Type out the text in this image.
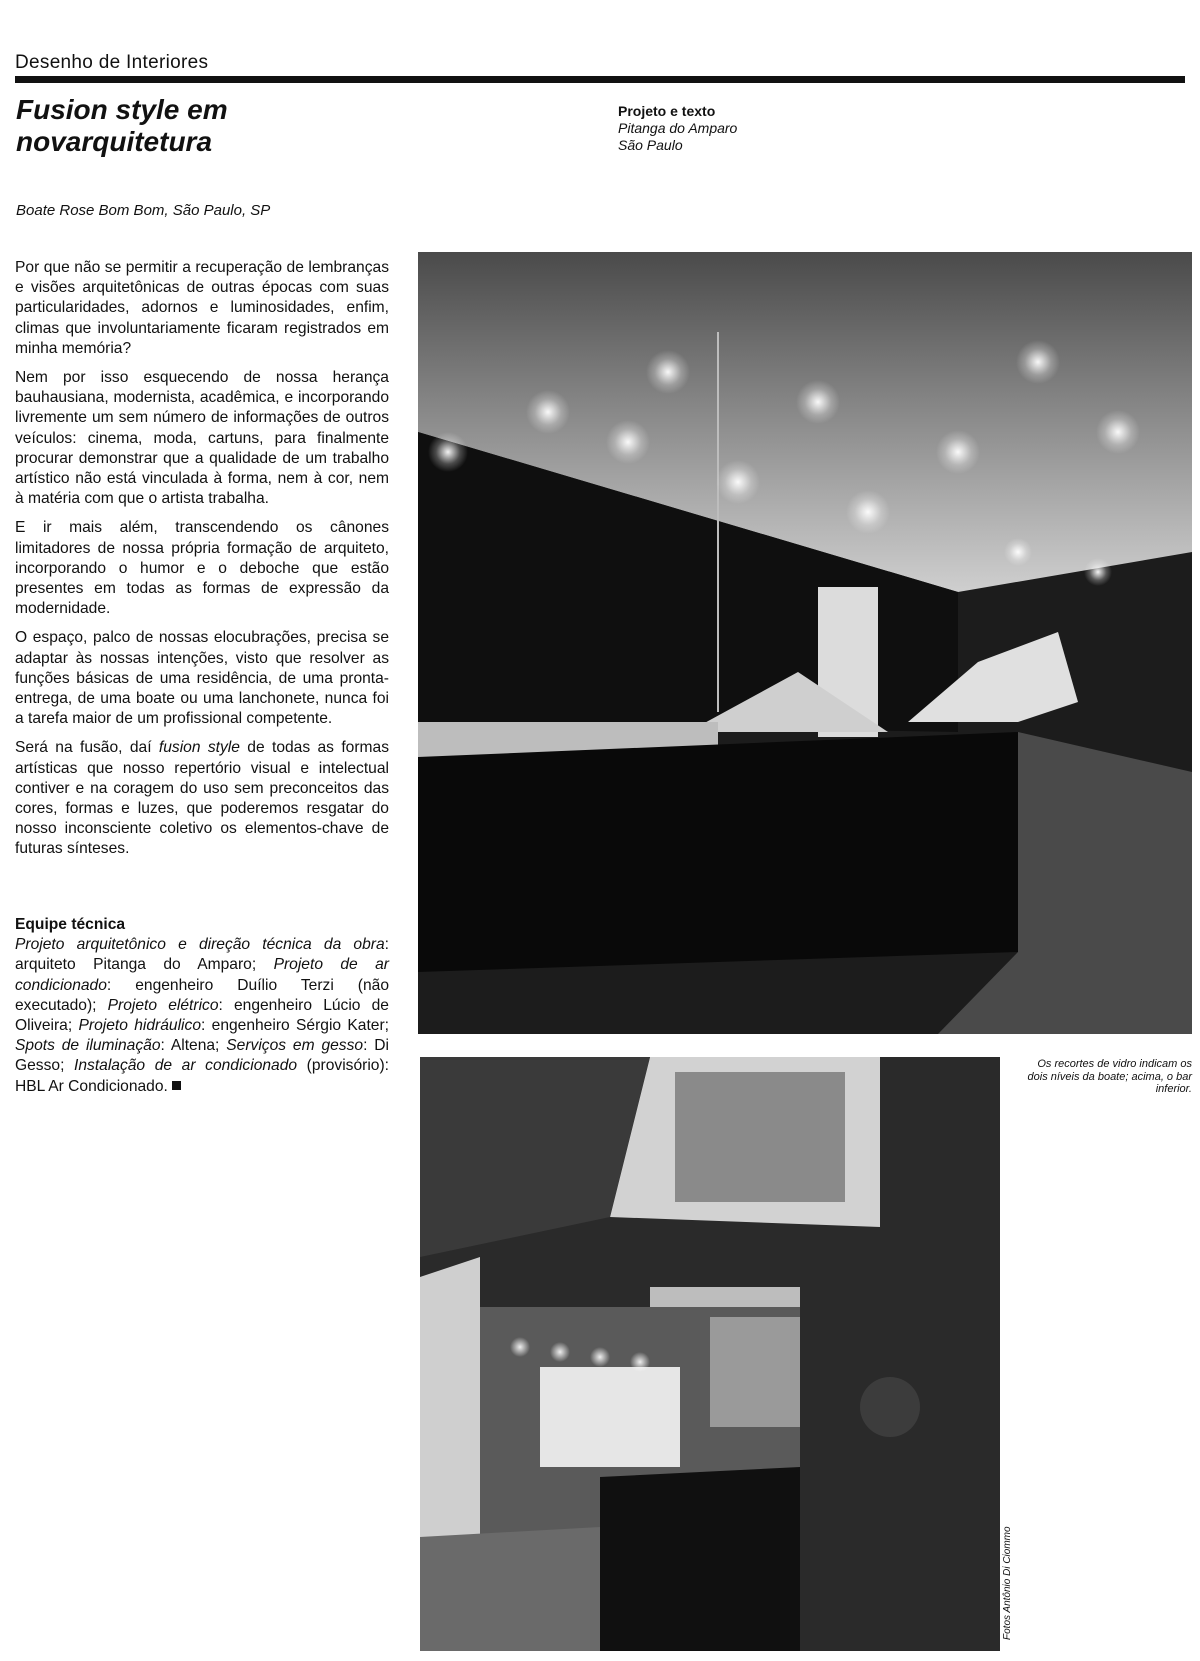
Desenho de Interiores
Fusion style em
novarquitetura
Projeto e texto
Pitanga do Amparo
São Paulo
Boate Rose Bom Bom, São Paulo, SP

Por que não se permitir a recuperação de lembranças e visões arquitetônicas de outras épocas com suas particularidades, adornos e luminosidades, enfim, climas que involuntariamente ficaram registrados em minha memória?

Nem por isso esquecendo de nossa herança bauhausiana, modernista, acadêmica, e incorporando livremente um sem número de informações de outros veículos: cinema, moda, cartuns, para finalmente procurar demonstrar que a qualidade de um trabalho artístico não está vinculada à forma, nem à cor, nem à matéria com que o artista trabalha.

E ir mais além, transcendendo os cânones limitadores de nossa própria formação de arquiteto, incorporando o humor e o deboche que estão presentes em todas as formas de expressão da modernidade.

O espaço, palco de nossas elocubrações, precisa se adaptar às nossas intenções, visto que resolver as funções básicas de uma residência, de uma pronta-entrega, de uma boate ou uma lanchonete, nunca foi a tarefa maior de um profissional competente.

Será na fusão, daí fusion style de todas as formas artísticas que nosso repertório visual e intelectual contiver e na coragem do uso sem preconceitos das cores, formas e luzes, que poderemos resgatar do nosso inconsciente coletivo os elementos-chave de futuras sínteses.

Equipe técnica

Projeto arquitetônico e direção técnica da obra: arquiteto Pitanga do Amparo; Projeto de ar condicionado: engenheiro Duílio Terzi (não executado); Projeto elétrico: engenheiro Lúcio de Oliveira; Projeto hidráulico: engenheiro Sérgio Kater; Spots de iluminação: Altena; Serviços em gesso: Di Gesso; Instalação de ar condicionado (provisório): HBL Ar Condicionado.

Os recortes de vidro indicam os dois níveis da boate; acima, o bar inferior.
Fotos Antônio Di Ciommo
